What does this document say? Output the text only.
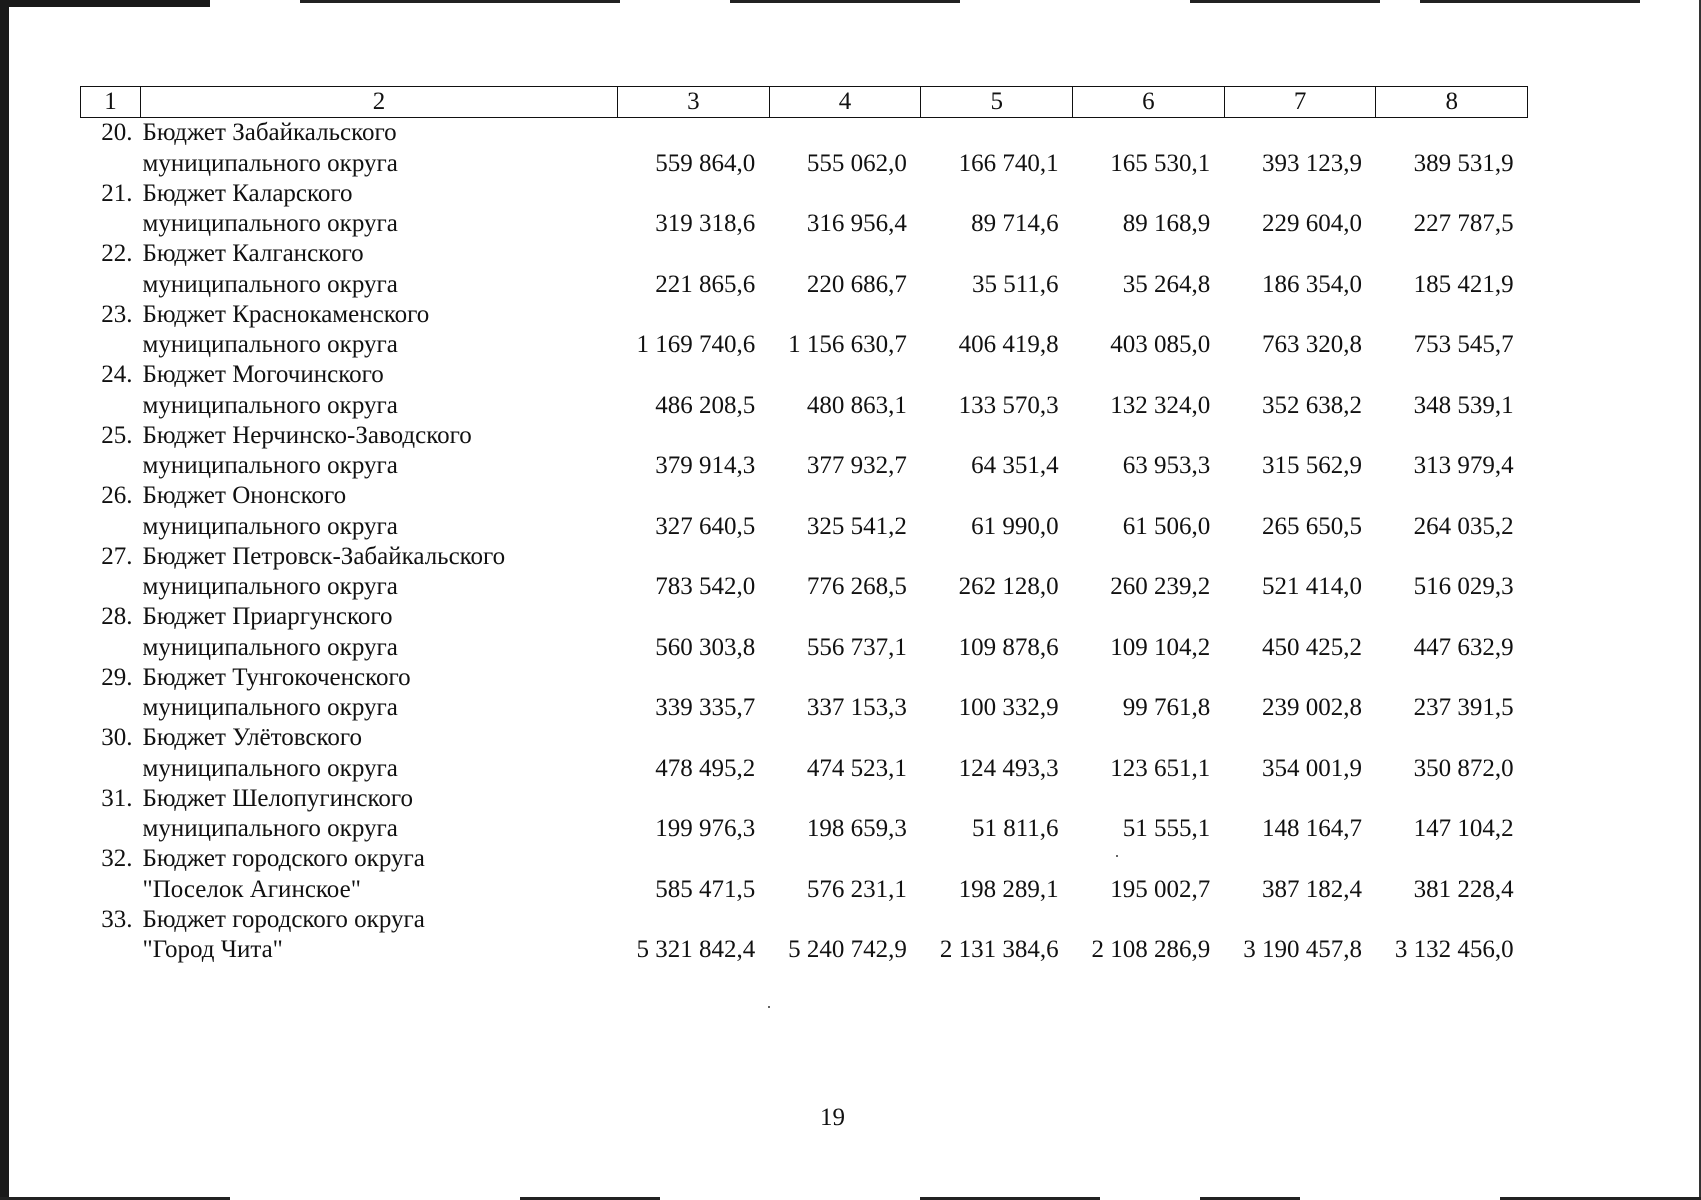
1	2	3	4	5	6	7	8
20.	Бюджет Забайкальского						
	муниципального округа	559 864,0	555 062,0	166 740,1	165 530,1	393 123,9	389 531,9
21.	Бюджет Каларского						
	муниципального округа	319 318,6	316 956,4	89 714,6	89 168,9	229 604,0	227 787,5
22.	Бюджет Калганского						
	муниципального округа	221 865,6	220 686,7	35 511,6	35 264,8	186 354,0	185 421,9
23.	Бюджет Краснокаменского						
	муниципального округа	1 169 740,6	1 156 630,7	406 419,8	403 085,0	763 320,8	753 545,7
24.	Бюджет Могочинского						
	муниципального округа	486 208,5	480 863,1	133 570,3	132 324,0	352 638,2	348 539,1
25.	Бюджет Нерчинско-Заводского						
	муниципального округа	379 914,3	377 932,7	64 351,4	63 953,3	315 562,9	313 979,4
26.	Бюджет Ононского						
	муниципального округа	327 640,5	325 541,2	61 990,0	61 506,0	265 650,5	264 035,2
27.	Бюджет Петровск-Забайкальского						
	муниципального округа	783 542,0	776 268,5	262 128,0	260 239,2	521 414,0	516 029,3
28.	Бюджет Приаргунского						
	муниципального округа	560 303,8	556 737,1	109 878,6	109 104,2	450 425,2	447 632,9
29.	Бюджет Тунгокоченского						
	муниципального округа	339 335,7	337 153,3	100 332,9	99 761,8	239 002,8	237 391,5
30.	Бюджет Улётовского						
	муниципального округа	478 495,2	474 523,1	124 493,3	123 651,1	354 001,9	350 872,0
31.	Бюджет Шелопугинского						
	муниципального округа	199 976,3	198 659,3	51 811,6	51 555,1	148 164,7	147 104,2
32.	Бюджет городского округа						
	"Поселок Агинское"	585 471,5	576 231,1	198 289,1	195 002,7	387 182,4	381 228,4
33.	Бюджет городского округа						
	"Город Чита"	5 321 842,4	5 240 742,9	2 131 384,6	2 108 286,9	3 190 457,8	3 132 456,0
19
